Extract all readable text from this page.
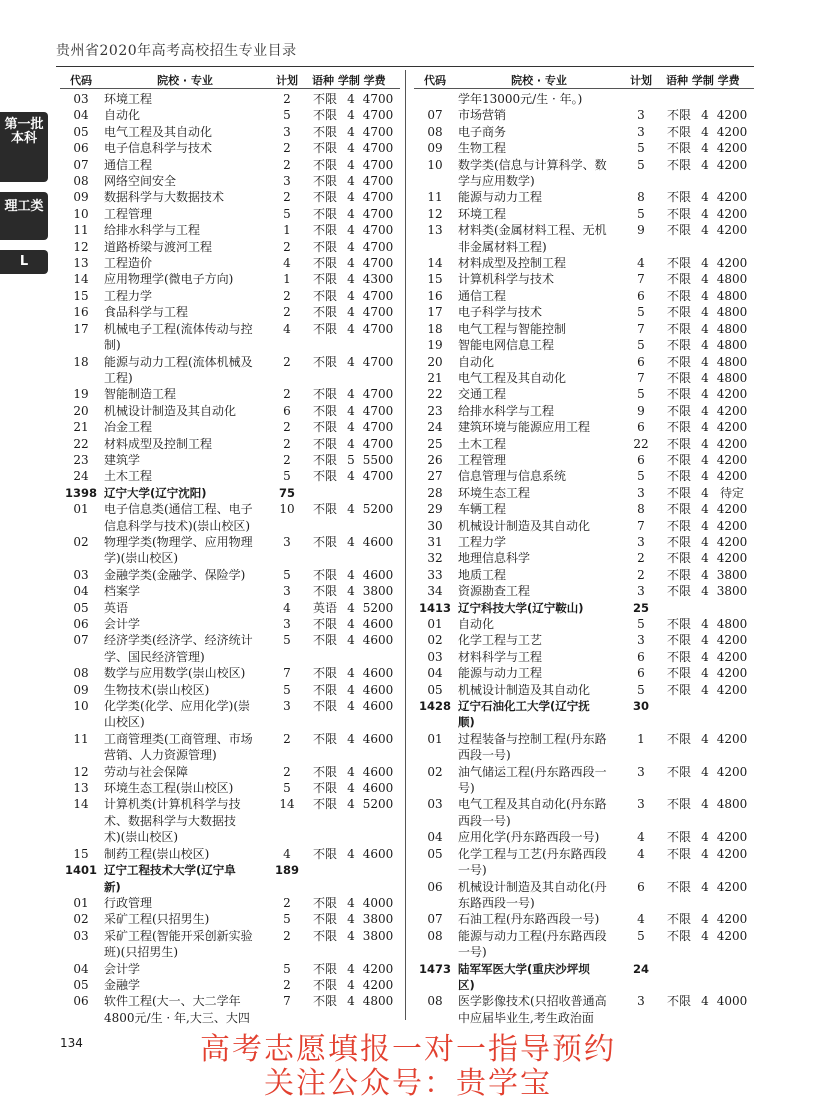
贵州省2020年高考高校招生专业目录
第一批本科
理工类
L
代码	院校 · 专业	计划	语种 学制 学费
03	环境工程	2	不限 4 4700
04	自动化	5	不限 4 4700
05	电气工程及其自动化	3	不限 4 4700
06	电子信息科学与技术	2	不限 4 4700
07	通信工程	2	不限 4 4700
08	网络空间安全	3	不限 4 4700
09	数据科学与大数据技术	2	不限 4 4700
10	工程管理	5	不限 4 4700
11	给排水科学与工程	1	不限 4 4700
12	道路桥梁与渡河工程	2	不限 4 4700
13	工程造价	4	不限 4 4700
14	应用物理学(微电子方向)	1	不限 4 4300
15	工程力学	2	不限 4 4700
16	食品科学与工程	2	不限 4 4700
17	机械电子工程(流体传动与控	4	不限 4 4700
制)
18	能源与动力工程(流体机械及	2	不限 4 4700
工程)
19	智能制造工程	2	不限 4 4700
20	机械设计制造及其自动化	6	不限 4 4700
21	冶金工程	2	不限 4 4700
22	材料成型及控制工程	2	不限 4 4700
23	建筑学	2	不限 5 5500
24	土木工程	5	不限 4 4700
1398 辽宁大学(辽宁沈阳)	75
01	电子信息类(通信工程、电子	10	不限 4 5200
信息科学与技术)(崇山校区)
02	物理学类(物理学、应用物理	3	不限 4 4600
学)(崇山校区)
03	金融学类(金融学、保险学)	5	不限 4 4600
04	档案学	3	不限 4 3800
05	英语	4	英语 4 5200
06	会计学	3	不限 4 4600
07	经济学类(经济学、经济统计	5	不限 4 4600
学、国民经济管理)
08	数学与应用数学(崇山校区)	7	不限 4 4600
09	生物技术(崇山校区)	5	不限 4 4600
10	化学类(化学、应用化学)(崇	3	不限 4 4600
山校区)
11	工商管理类(工商管理、市场	2	不限 4 4600
营销、人力资源管理)
12	劳动与社会保障	2	不限 4 4600
13	环境生态工程(崇山校区)	5	不限 4 4600
14	计算机类(计算机科学与技	14	不限 4 5200
术、数据科学与大数据技
术)(崇山校区)
15	制药工程(崇山校区)	4	不限 4 4600
1401 辽宁工程技术大学(辽宁阜	189
新)
01	行政管理	2	不限 4 4000
02	采矿工程(只招男生)	5	不限 4 3800
03	采矿工程(智能开采创新实验	2	不限 4 3800
班)(只招男生)
04	会计学	5	不限 4 4200
05	金融学	2	不限 4 4200
06	软件工程(大一、大二学年	7	不限 4 4800
4800元/生 · 年,大三、大四
代码	院校 · 专业	计划	语种 学制 学费
学年13000元/生 · 年。)
07	市场营销	3	不限 4 4200
08	电子商务	3	不限 4 4200
09	生物工程	5	不限 4 4200
10	数学类(信息与计算科学、数	5	不限 4 4200
学与应用数学)
11	能源与动力工程	8	不限 4 4200
12	环境工程	5	不限 4 4200
13	材料类(金属材料工程、无机	9	不限 4 4200
非金属材料工程)
14	材料成型及控制工程	4	不限 4 4200
15	计算机科学与技术	7	不限 4 4800
16	通信工程	6	不限 4 4800
17	电子科学与技术	5	不限 4 4800
18	电气工程与智能控制	7	不限 4 4800
19	智能电网信息工程	5	不限 4 4800
20	自动化	6	不限 4 4800
21	电气工程及其自动化	7	不限 4 4800
22	交通工程	5	不限 4 4200
23	给排水科学与工程	9	不限 4 4200
24	建筑环境与能源应用工程	6	不限 4 4200
25	土木工程	22	不限 4 4200
26	工程管理	6	不限 4 4200
27	信息管理与信息系统	5	不限 4 4200
28	环境生态工程	3	不限 4 待定
29	车辆工程	8	不限 4 4200
30	机械设计制造及其自动化	7	不限 4 4200
31	工程力学	3	不限 4 4200
32	地理信息科学	2	不限 4 4200
33	地质工程	2	不限 4 3800
34	资源勘查工程	3	不限 4 3800
1413 辽宁科技大学(辽宁鞍山)	25
01	自动化	5	不限 4 4800
02	化学工程与工艺	3	不限 4 4200
03	材料科学与工程	6	不限 4 4200
04	能源与动力工程	6	不限 4 4200
05	机械设计制造及其自动化	5	不限 4 4200
1428 辽宁石油化工大学(辽宁抚	30
顺)
01	过程装备与控制工程(丹东路	1	不限 4 4200
西段一号)
02	油气储运工程(丹东路西段一	3	不限 4 4200
号)
03	电气工程及其自动化(丹东路	3	不限 4 4800
西段一号)
04	应用化学(丹东路西段一号)	4	不限 4 4200
05	化学工程与工艺(丹东路西段	4	不限 4 4200
一号)
06	机械设计制造及其自动化(丹	6	不限 4 4200
东路西段一号)
07	石油工程(丹东路西段一号)	4	不限 4 4200
08	能源与动力工程(丹东路西段	5	不限 4 4200
一号)
1473 陆军军医大学(重庆沙坪坝	24
区)
08	医学影像技术(只招收普通高	3	不限 4 4000
中应届毕业生,考生政治面
134	高考志愿填报一对一指导预约
关注公众号：贵学宝
